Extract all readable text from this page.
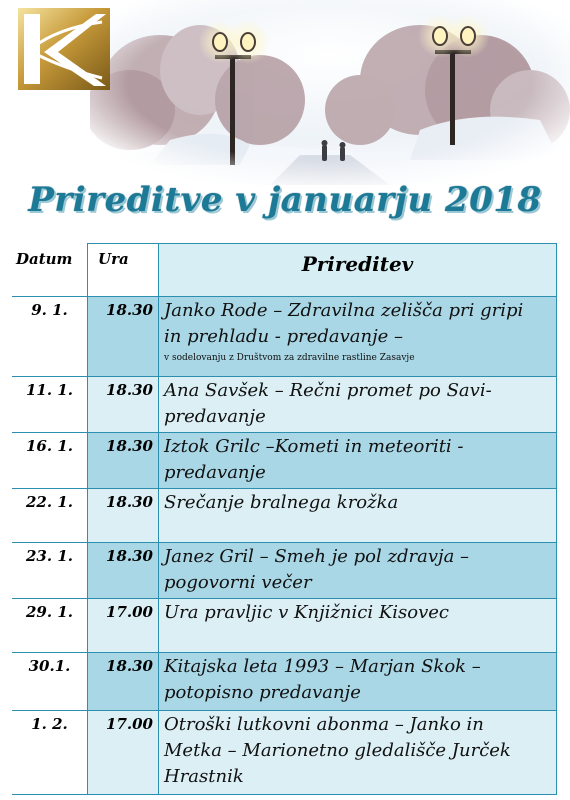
Prireditve v januarju 2018
Datum	Ura	Prireditev
9. 1.	18.30	Janko Rode – Zdravilna zelišča pri gripi
in prehladu - predavanje –
v sodelovanju z Društvom za zdravilne rastline Zasavje

11. 1.	18.30	Ana Savšek – Rečni promet po Savi-
predavanje
16. 1.	18.30	Iztok Grilc –Kometi in meteoriti -
predavanje
22. 1.	18.30	Srečanje bralnega krožka
23. 1.	18.30	Janez Gril – Smeh je pol zdravja –
pogovorni večer
29. 1.	17.00	Ura pravljic v Knjižnici Kisovec
30.1.	18.30	Kitajska leta 1993 – Marjan Skok –
potopisno predavanje
1. 2.	17.00	Otroški lutkovni abonma – Janko in
Metka – Marionetno gledališče Jurček
Hrastnik
